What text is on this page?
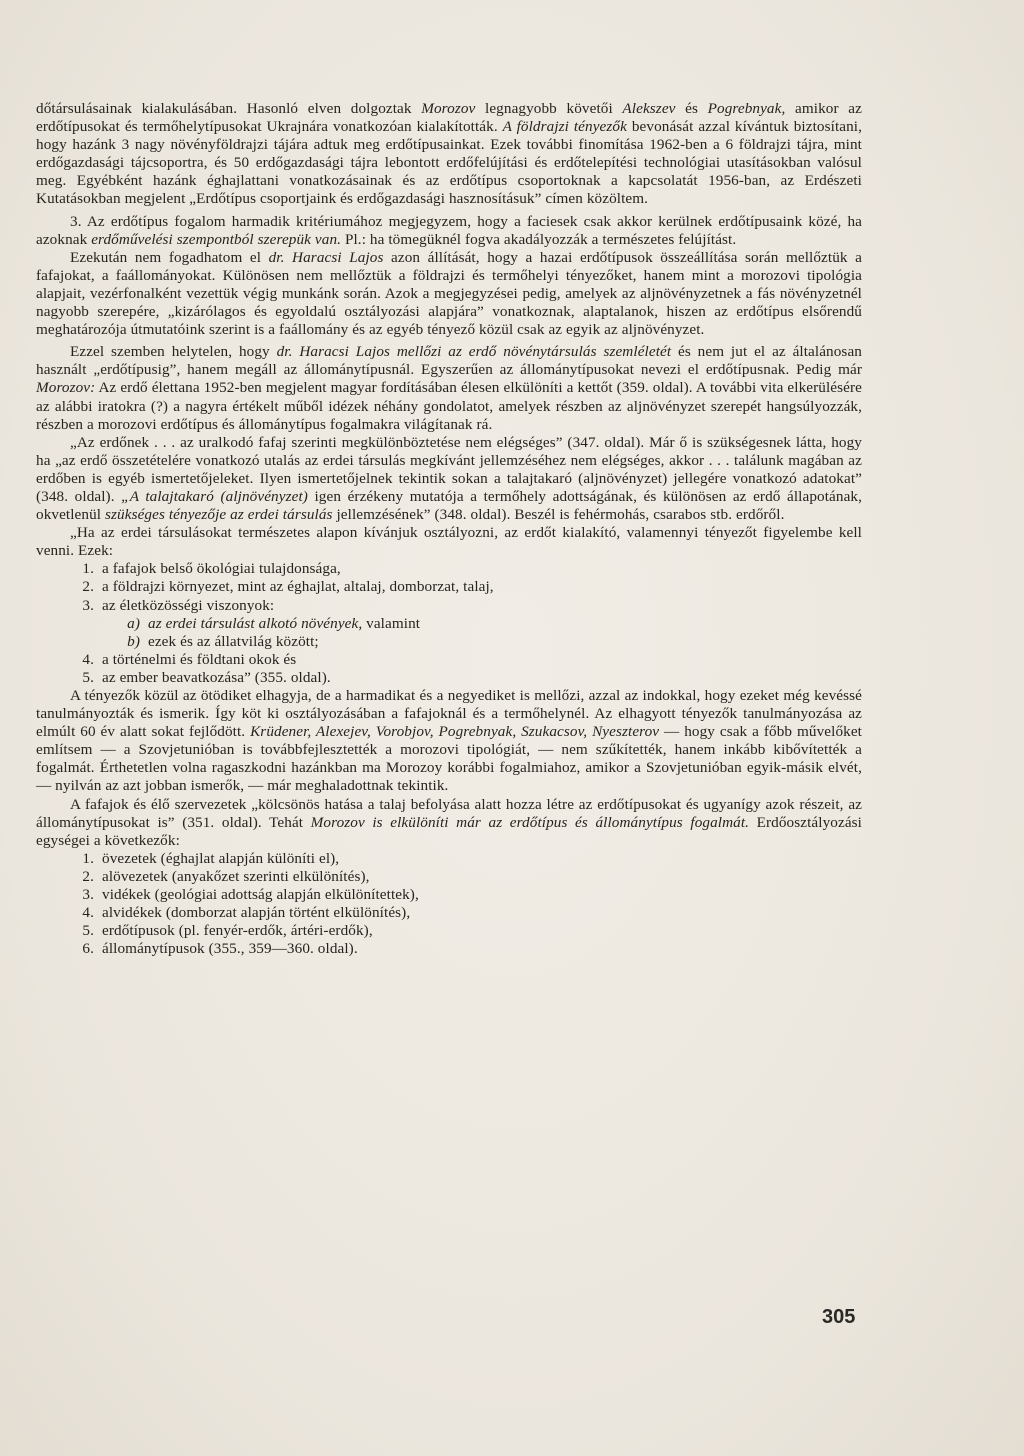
dőtársulásainak kialakulásában. Hasonló elven dolgoztak Morozov legnagyobb követői Alekszev és Pogrebnyak, amikor az erdőtípusokat és termőhelytípusokat Ukrajnára vonatkozóan kialakították. A földrajzi tényezők bevonását azzal kívántuk biztosítani, hogy hazánk 3 nagy növényföldrajzi tájára adtuk meg erdőtípusainkat. Ezek további finomítása 1962-ben a 6 földrajzi tájra, mint erdőgazdasági tájcsoportra, és 50 erdőgazdasági tájra lebontott erdőfelújítási és erdőtelepítési technológiai utasításokban valósul meg. Egyébként hazánk éghajlattani vonatkozásainak és az erdőtípus csoportoknak a kapcsolatát 1956-ban, az Erdészeti Kutatásokban megjelent „Erdőtípus csoportjaink és erdőgazdasági hasznosításuk” címen közöltem.

3. Az erdőtípus fogalom harmadik kritériumához megjegyzem, hogy a faciesek csak akkor kerülnek erdőtípusaink közé, ha azoknak erdőművelési szempontból szerepük van. Pl.: ha tömegüknél fogva akadályozzák a természetes felújítást.

Ezekután nem fogadhatom el dr. Haracsi Lajos azon állítását, hogy a hazai erdőtípusok összeállítása során mellőztük a fafajokat, a faállományokat. Különösen nem mellőztük a földrajzi és termőhelyi tényezőket, hanem mint a morozovi tipológia alapjait, vezérfonalként vezettük végig munkánk során. Azok a megjegyzései pedig, amelyek az aljnövényzetnek a fás növényzetnél nagyobb szerepére, „kizárólagos és egyoldalú osztályozási alapjára” vonatkoznak, alaptalanok, hiszen az erdőtípus elsőrendű meghatározója útmutatóink szerint is a faállomány és az egyéb tényező közül csak az egyik az aljnövényzet.

Ezzel szemben helytelen, hogy dr. Haracsi Lajos mellőzi az erdő növénytársulás szemléletét és nem jut el az általánosan használt „erdőtípusig”, hanem megáll az állománytípusnál. Egyszerűen az állománytípusokat nevezi el erdőtípusnak. Pedig már Morozov: Az erdő élettana 1952-ben megjelent magyar fordításában élesen elkülöníti a kettőt (359. oldal). A további vita elkerülésére az alábbi iratokra (?) a nagyra értékelt műből idézek néhány gondolatot, amelyek részben az aljnövényzet szerepét hangsúlyozzák, részben a morozovi erdőtípus és állománytípus fogalmakra világítanak rá.

„Az erdőnek . . . az uralkodó fafaj szerinti megkülönböztetése nem elégséges” (347. oldal). Már ő is szükségesnek látta, hogy ha „az erdő összetételére vonatkozó utalás az erdei társulás megkívánt jellemzéséhez nem elégséges, akkor . . . találunk magában az erdőben is egyéb ismertetőjeleket. Ilyen ismertetőjelnek tekintik sokan a talajtakaró (aljnövényzet) jellegére vonatkozó adatokat” (348. oldal). „A talajtakaró (aljnövényzet) igen érzékeny mutatója a termőhely adottságának, és különösen az erdő állapotának, okvetlenül szükséges tényezője az erdei társulás jellemzésének” (348. oldal). Beszél is fehérmohás, csarabos stb. erdőről.

„Ha az erdei társulásokat természetes alapon kívánjuk osztályozni, az erdőt kialakító, valamennyi tényezőt figyelembe kell venni. Ezek:

1. a fafajok belső ökológiai tulajdonsága,
2. a földrajzi környezet, mint az éghajlat, altalaj, domborzat, talaj,
3. az életközösségi viszonyok:
a) az erdei társulást alkotó növények, valamint
b) ezek és az állatvilág között;
4. a történelmi és földtani okok és
5. az ember beavatkozása” (355. oldal).

A tényezők közül az ötödiket elhagyja, de a harmadikat és a negyediket is mellőzi, azzal az indokkal, hogy ezeket még kevéssé tanulmányozták és ismerik. Így köt ki osztályozásában a fafajoknál és a termőhelynél. Az elhagyott tényezők tanulmányozása az elmúlt 60 év alatt sokat fejlődött. Krüdener, Alexejev, Vorobjov, Pogrebnyak, Szukacsov, Nyeszterov — hogy csak a főbb művelőket említsem — a Szovjetunióban is továbbfejlesztették a morozovi tipológiát, — nem szűkítették, hanem inkább kibővítették a fogalmát. Érthetetlen volna ragaszkodni hazánkban ma Morozoy korábbi fogalmiahoz, amikor a Szovjetunióban egyik-másik elvét, — nyilván az azt jobban ismerők, — már meghaladottnak tekintik.

A fafajok és élő szervezetek „kölcsönös hatása a talaj befolyása alatt hozza létre az erdőtípusokat és ugyanígy azok részeit, az állománytípusokat is” (351. oldal). Tehát Morozov is elkülöníti már az erdőtípus és állománytípus fogalmát. Erdőosztályozási egységei a következők:

1. övezetek (éghajlat alapján különíti el),
2. alövezetek (anyakőzet szerinti elkülönítés),
3. vidékek (geológiai adottság alapján elkülönítettek),
4. alvidékek (domborzat alapján történt elkülönítés),
5. erdőtípusok (pl. fenyér-erdők, ártéri-erdők),
6. állománytípusok (355., 359—360. oldal).
305
